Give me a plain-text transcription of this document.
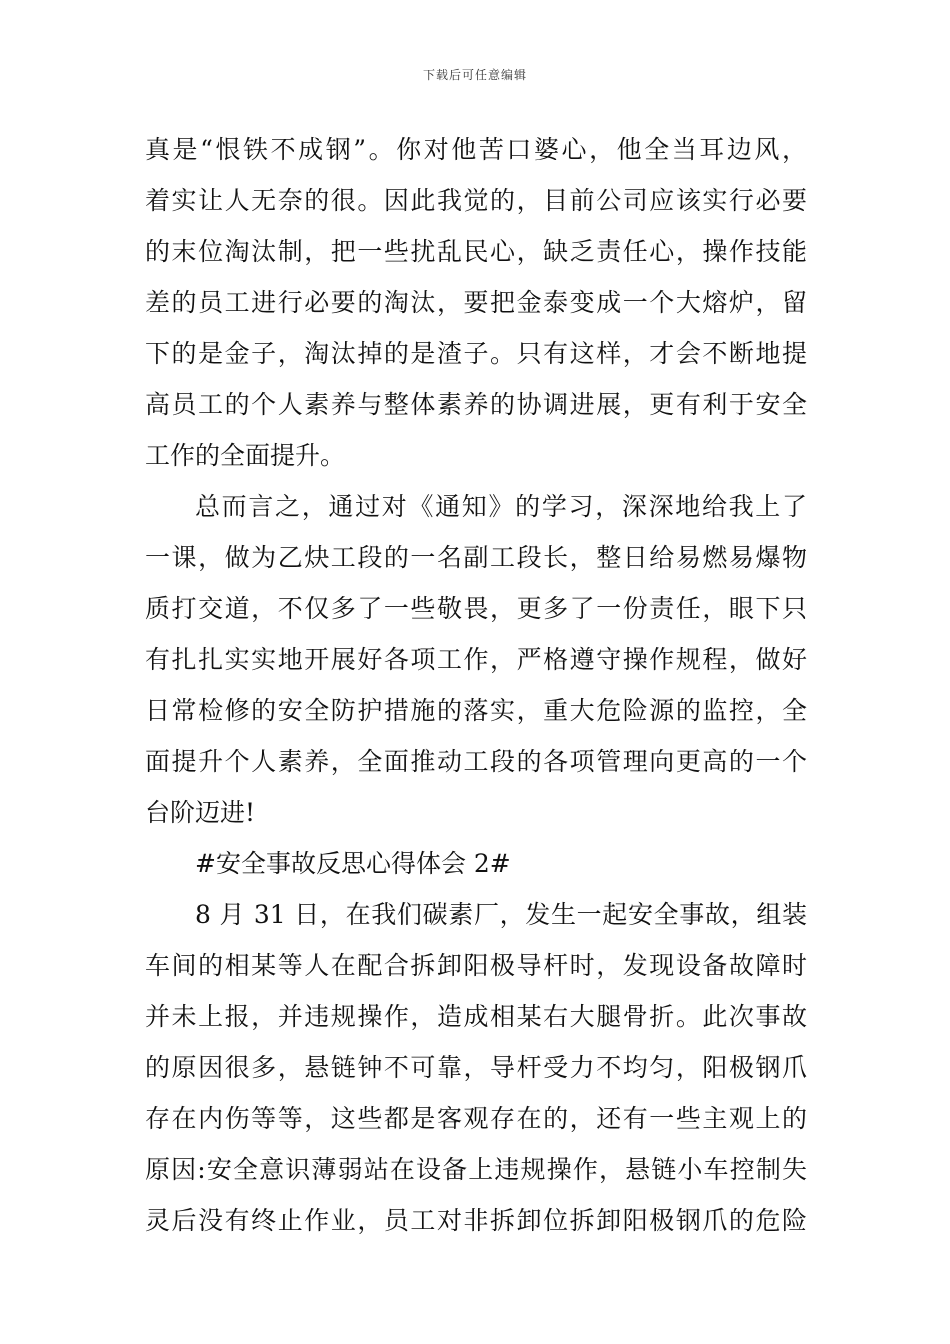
下载后可任意编辑
真是“恨铁不成钢”。你对他苦口婆心，他全当耳边风，
着实让人无奈的很。因此我觉的，目前公司应该实行必要
的末位淘汰制，把一些扰乱民心，缺乏责任心，操作技能
差的员工进行必要的淘汰，要把金泰变成一个大熔炉，留
下的是金子，淘汰掉的是渣子。只有这样，才会不断地提
高员工的个人素养与整体素养的协调进展，更有利于安全
工作的全面提升。
总而言之，通过对《通知》的学习，深深地给我上了
一课，做为乙炔工段的一名副工段长，整日给易燃易爆物
质打交道，不仅多了一些敬畏，更多了一份责任，眼下只
有扎扎实实地开展好各项工作，严格遵守操作规程，做好
日常检修的安全防护措施的落实，重大危险源的监控，全
面提升个人素养，全面推动工段的各项管理向更高的一个
台阶迈进!
#安全事故反思心得体会 2#
8 月 31 日，在我们碳素厂，发生一起安全事故，组装
车间的相某等人在配合拆卸阳极导杆时，发现设备故障时
并未上报，并违规操作，造成相某右大腿骨折。此次事故
的原因很多，悬链钟不可靠，导杆受力不均匀，阳极钢爪
存在内伤等等，这些都是客观存在的，还有一些主观上的
原因:安全意识薄弱站在设备上违规操作，悬链小车控制失
灵后没有终止作业，员工对非拆卸位拆卸阳极钢爪的危险
